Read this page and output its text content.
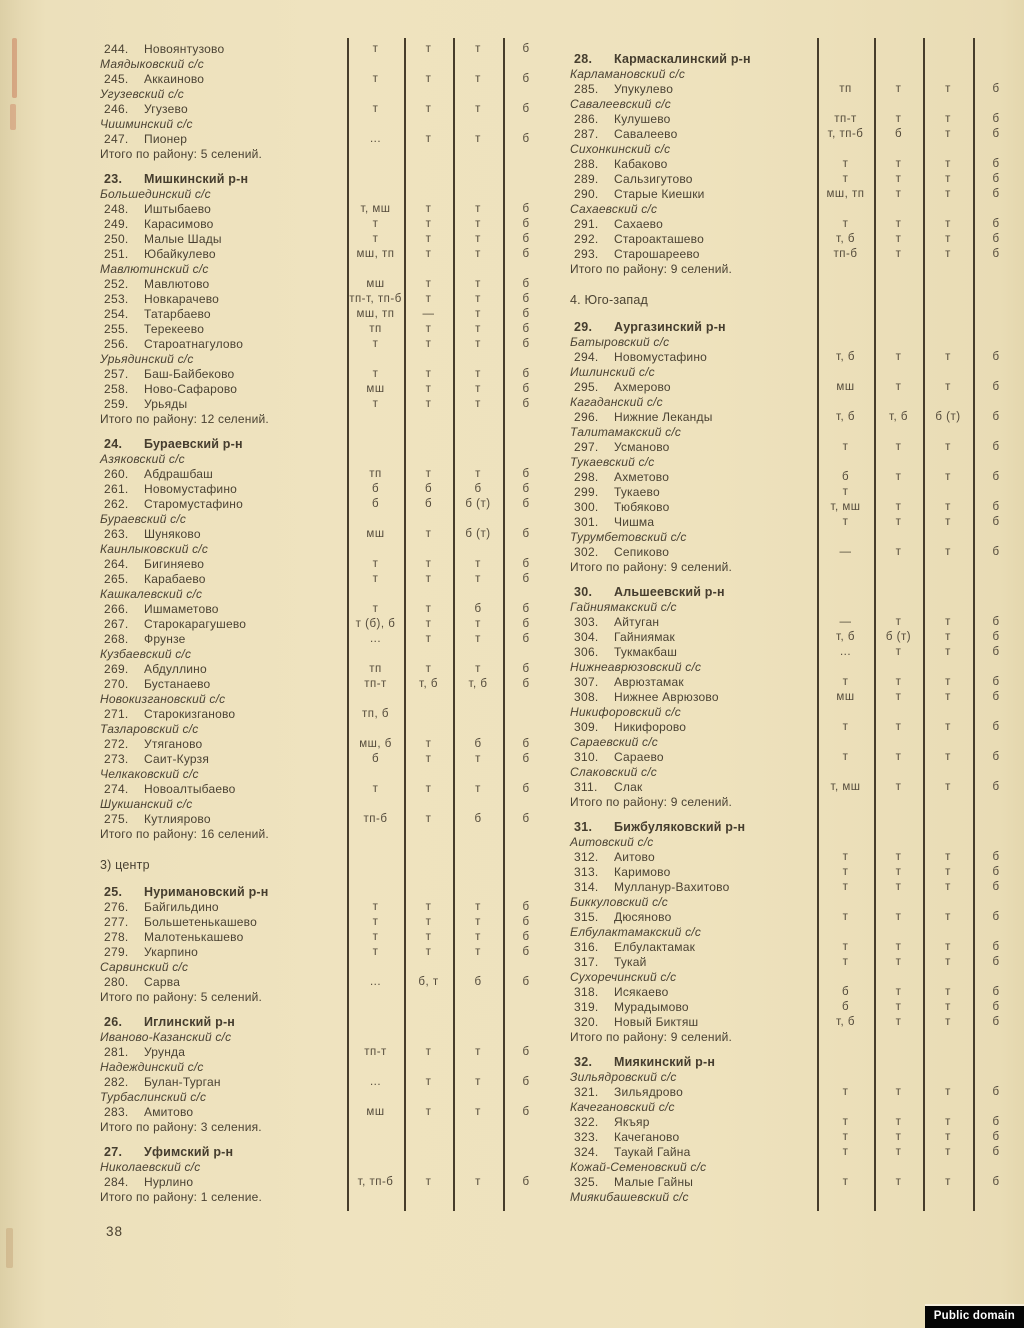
244. Новоянтузово	т	т	т	б
Маядыковский с/с
245. Аккаиново	т	т	т	б
Угузевский с/с
246. Угузево	т	т	т	б
Чишминский с/с
247. Пионер	...	т	т	б
Итого по району: 5 селений.
23. Мишкинский р-н
Большединский с/с
248. Иштыбаево	т, мш	т	т	б
249. Карасимово	т	т	т	б
250. Малые Шады	т	т	т	б
251. Юбайкулево	мш, тп	т	т	б
Мавлютинский с/с
252. Мавлютово	мш	т	т	б
253. Новкарачево	тп-т, тп-б	т	т	б
254. Татарбаево	мш, тп	—	т	б
255. Терекеево	тп	т	т	б
256. Староатнагулово	т	т	т	б
Урьядинский с/с
257. Баш-Байбеково	т	т	т	б
258. Ново-Сафарово	мш	т	т	б
259. Урьяды	т	т	т	б
Итого по району: 12 селений.
24. Бураевский р-н
Азяковский с/с
260. Абдрашбаш	тп	т	т	б
261. Новомустафино	б	б	б	б
262. Старомустафино	б	б	б (т)	б
Бураевский с/с
263. Шуняково	мш	т	б (т)	б
Каинлыковский с/с
264. Бигиняево	т	т	т	б
265. Карабаево	т	т	т	б
Кашкалевский с/с
266. Ишмаметово	т	т	б	б
267. Старокарагушево	т (б), б	т	т	б
268. Фрунзе	...	т	т	б
Кузбаевский с/с
269. Абдуллино	тп	т	т	б
270. Бустанаево	тп-т	т, б	т, б	б
Новокизгановский с/с
271. Старокизганово	тп, б
Тазларовский с/с
272. Утяганово	мш, б	т	б	б
273. Саит-Курзя	б	т	т	б
Челкаковский с/с
274. Новоалтыбаево	т	т	т	б
Шукшанский с/с
275. Кутлиярово	тп-б	т	б	б
Итого по району: 16 селений.
3) центр
25. Нуримановский р-н
276. Байгильдино	т	т	т	б
277. Большетенькашево	т	т	т	б
278. Малотенькашево	т	т	т	б
279. Укарпино	т	т	т	б
Сарвинский с/с
280. Сарва	...	б, т	б	б
Итого по району: 5 селений.
26. Иглинский р-н
Иваново-Казанский с/с
281. Урунда	тп-т	т	т	б
Надеждинский с/с
282. Булан-Турган	...	т	т	б
Турбаслинский с/с
283. Амитово	мш	т	т	б
Итого по району: 3 селения.
27. Уфимский р-н
Николаевский с/с
284. Нурлино	т, тп-б	т	т	б
Итого по району: 1 селение.
28. Кармаскалинский р-н
Карламановский с/с
285. Упукулево	тп	т	т	б
Савалеевский с/с
286. Кулушево	тп-т	т	т	б
287. Савалеево	т, тп-б	б	т	б
Сихонкинский с/с
288. Кабаково	т	т	т	б
289. Сальзигутово	т	т	т	б
290. Старые Киешки	мш, тп	т	т	б
Сахаевский с/с
291. Сахаево	т	т	т	б
292. Староакташево	т, б	т	т	б
293. Старошареево	тп-б	т	т	б
Итого по району: 9 селений.
4. Юго-запад
29. Аургазинский р-н
Батыровский с/с
294. Новомустафино	т, б	т	т	б
Ишлинский с/с
295. Ахмерово	мш	т	т	б
Кагаданский с/с
296. Нижние Леканды	т, б	т, б	б (т)	б
Талитамакский с/с
297. Усманово	т	т	т	б
Тукаевский с/с
298. Ахметово	б	т	т	б
299. Тукаево	т
300. Тюбяково	т, мш	т	т	б
301. Чишма	т	т	т	б
Турумбетовский с/с
302. Сепиково	—	т	т	б
Итого по району: 9 селений.
30. Альшеевский р-н
Гайниямакский с/с
303. Айтуган	—	т	т	б
304. Гайниямак	т, б	б (т)	т	б
306. Тукмакбаш	...	т	т	б
Нижнеаврюзовский с/с
307. Аврюзтамак	т	т	т	б
308. Нижнее Аврюзово	мш	т	т	б
Никифоровский с/с
309. Никифорово	т	т	т	б
Сараевский с/с
310. Сараево	т	т	т	б
Слаковский с/с
311. Слак	т, мш	т	т	б
Итого по району: 9 селений.
31. Бижбуляковский р-н
Аитовский с/с
312. Аитово	т	т	т	б
313. Каримово	т	т	т	б
314. Мулланур-Вахитово	т	т	т	б
Биккуловский с/с
315. Дюсяново	т	т	т	б
Елбулактамакский с/с
316. Елбулактамак	т	т	т	б
317. Тукай	т	т	т	б
Сухоречинский с/с
318. Исякаево	б	т	т	б
319. Мурадымово	б	т	т	б
320. Новый Биктяш	т, б	т	т	б
Итого по району: 9 селений.
32. Миякинский р-н
Зильядровский с/с
321. Зильядрово	т	т	т	б
Качегановский с/с
322. Якъяр	т	т	т	б
323. Качеганово	т	т	т	б
324. Таукай Гайна	т	т	т	б
Кожай-Семеновский с/с
325. Малые Гайны	т	т	т	б
Миякибашевский с/с
38
Public domain
